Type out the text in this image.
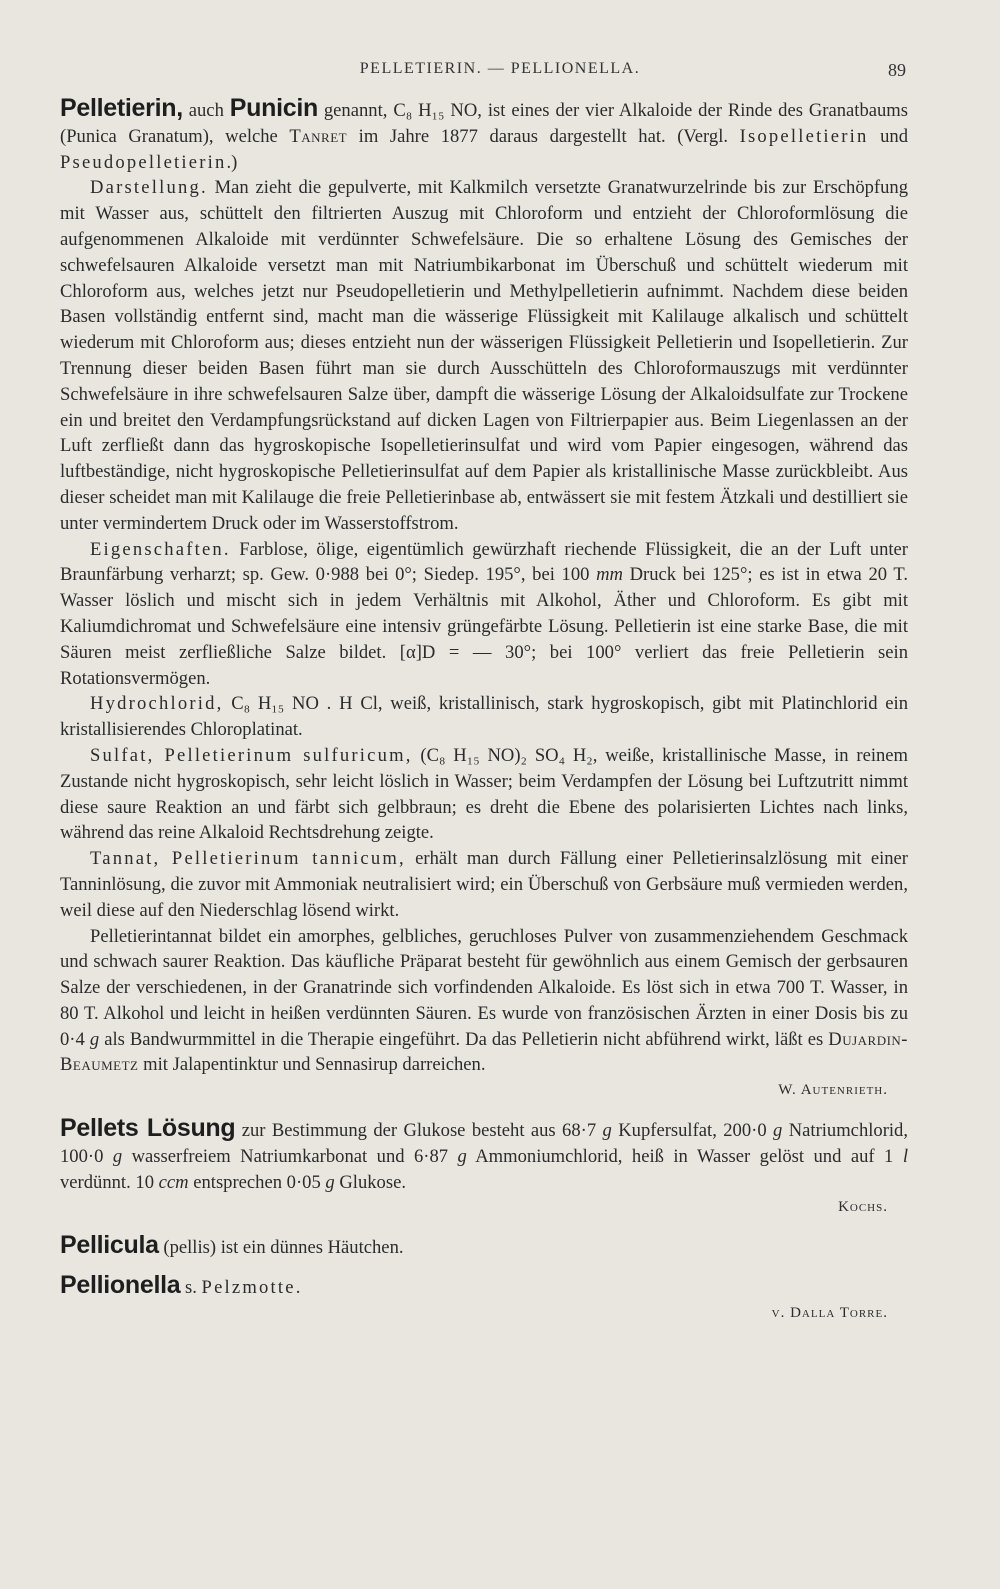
PELLETIERIN. — PELLIONELLA.	89

Pelletierin, auch Punicin genannt, C₈ H₁₅ NO, ist eines der vier Alkaloide der Rinde des Granatbaums (Punica Granatum), welche Tanret im Jahre 1877 daraus dargestellt hat. (Vergl. Isopelletierin und Pseudopelletierin.)

Darstellung. Man zieht die gepulverte, mit Kalkmilch versetzte Granatwurzelrinde bis zur Erschöpfung mit Wasser aus, schüttelt den filtrierten Auszug mit Chloroform und entzieht der Chloroformlösung die aufgenommenen Alkaloide mit verdünnter Schwefelsäure. Die so erhaltene Lösung des Gemisches der schwefelsauren Alkaloide versetzt man mit Natriumbikarbonat im Überschuß und schüttelt wiederum mit Chloroform aus, welches jetzt nur Pseudopelletierin und Methylpelletierin aufnimmt. Nachdem diese beiden Basen vollständig entfernt sind, macht man die wässerige Flüssigkeit mit Kalilauge alkalisch und schüttelt wiederum mit Chloroform aus; dieses entzieht nun der wässerigen Flüssigkeit Pelletierin und Isopelletierin. Zur Trennung dieser beiden Basen führt man sie durch Ausschütteln des Chloroformauszugs mit verdünnter Schwefelsäure in ihre schwefelsauren Salze über, dampft die wässerige Lösung der Alkaloidsulfate zur Trockene ein und breitet den Verdampfungsrückstand auf dicken Lagen von Filtrierpapier aus. Beim Liegenlassen an der Luft zerfließt dann das hygroskopische Isopelletierinsulfat und wird vom Papier eingesogen, während das luftbeständige, nicht hygroskopische Pelletierinsulfat auf dem Papier als kristallinische Masse zurückbleibt. Aus dieser scheidet man mit Kalilauge die freie Pelletierinbase ab, entwässert sie mit festem Ätzkali und destilliert sie unter vermindertem Druck oder im Wasserstoffstrom.

Eigenschaften. Farblose, ölige, eigentümlich gewürzhaft riechende Flüssigkeit, die an der Luft unter Braunfärbung verharzt; sp. Gew. 0·988 bei 0°; Siedep. 195°, bei 100 mm Druck bei 125°; es ist in etwa 20 T. Wasser löslich und mischt sich in jedem Verhältnis mit Alkohol, Äther und Chloroform. Es gibt mit Kaliumdichromat und Schwefelsäure eine intensiv grüngefärbte Lösung. Pelletierin ist eine starke Base, die mit Säuren meist zerfließliche Salze bildet. [α]D = — 30°; bei 100° verliert das freie Pelletierin sein Rotationsvermögen.

Hydrochlorid, C₈ H₁₅ NO . H Cl, weiß, kristallinisch, stark hygroskopisch, gibt mit Platinchlorid ein kristallisierendes Chloroplatinat.

Sulfat, Pelletierinum sulfuricum, (C₈ H₁₅ NO)₂ SO₄ H₂, weiße, kristallinische Masse, in reinem Zustande nicht hygroskopisch, sehr leicht löslich in Wasser; beim Verdampfen der Lösung bei Luftzutritt nimmt diese saure Reaktion an und färbt sich gelbbraun; es dreht die Ebene des polarisierten Lichtes nach links, während das reine Alkaloid Rechtsdrehung zeigte.

Tannat, Pelletierinum tannicum, erhält man durch Fällung einer Pelletierinsalzlösung mit einer Tanninlösung, die zuvor mit Ammoniak neutralisiert wird; ein Überschuß von Gerbsäure muß vermieden werden, weil diese auf den Niederschlag lösend wirkt.

Pelletierintannat bildet ein amorphes, gelbliches, geruchloses Pulver von zusammenziehendem Geschmack und schwach saurer Reaktion. Das käufliche Präparat besteht für gewöhnlich aus einem Gemisch der gerbsauren Salze der verschiedenen, in der Granatrinde sich vorfindenden Alkaloide. Es löst sich in etwa 700 T. Wasser, in 80 T. Alkohol und leicht in heißen verdünnten Säuren. Es wurde von französischen Ärzten in einer Dosis bis zu 0·4 g als Bandwurmmittel in die Therapie eingeführt. Da das Pelletierin nicht abführend wirkt, läßt es Dujardin-Beaumetz mit Jalapentinktur und Sennasirup darreichen.

W. Autenrieth.

Pellets Lösung zur Bestimmung der Glukose besteht aus 68·7 g Kupfersulfat, 200·0 g Natriumchlorid, 100·0 g wasserfreiem Natriumkarbonat und 6·87 g Ammoniumchlorid, heiß in Wasser gelöst und auf 1 l verdünnt. 10 ccm entsprechen 0·05 g Glukose.

Kochs.

Pellicula (pellis) ist ein dünnes Häutchen.

Pellionella s. Pelzmotte.

v. Dalla Torre.
